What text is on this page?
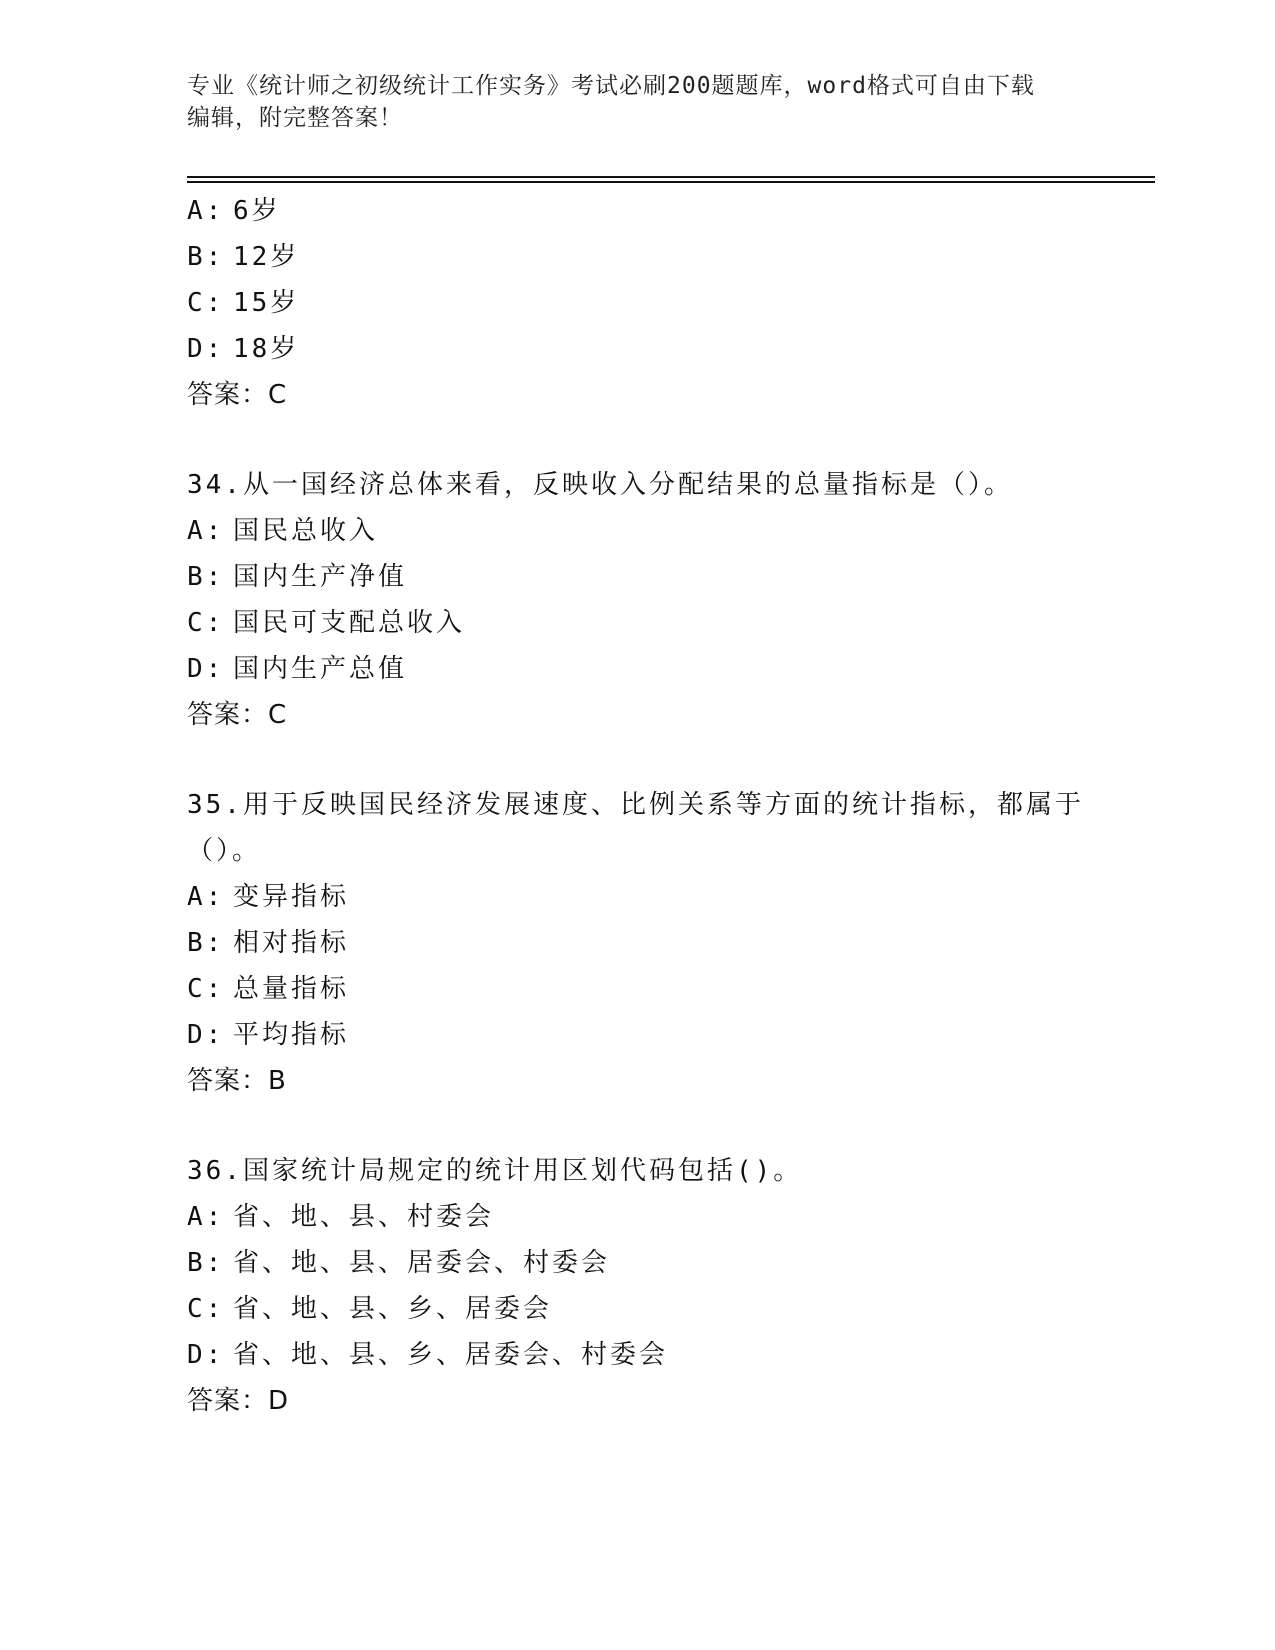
专业《统计师之初级统计工作实务》考试必刷200题题库，word格式可自由下载
编辑，附完整答案！
A: 6岁
B: 12岁
C: 15岁
D: 18岁
答案：C
34.从一国经济总体来看，反映收入分配结果的总量指标是（）。
A: 国民总收入
B: 国内生产净值
C: 国民可支配总收入
D: 国内生产总值
答案：C
35.用于反映国民经济发展速度、比例关系等方面的统计指标，都属于（）。
A: 变异指标
B: 相对指标
C: 总量指标
D: 平均指标
答案：B
36.国家统计局规定的统计用区划代码包括()。
A: 省、地、县、村委会
B: 省、地、县、居委会、村委会
C: 省、地、县、乡、居委会
D: 省、地、县、乡、居委会、村委会
答案：D
